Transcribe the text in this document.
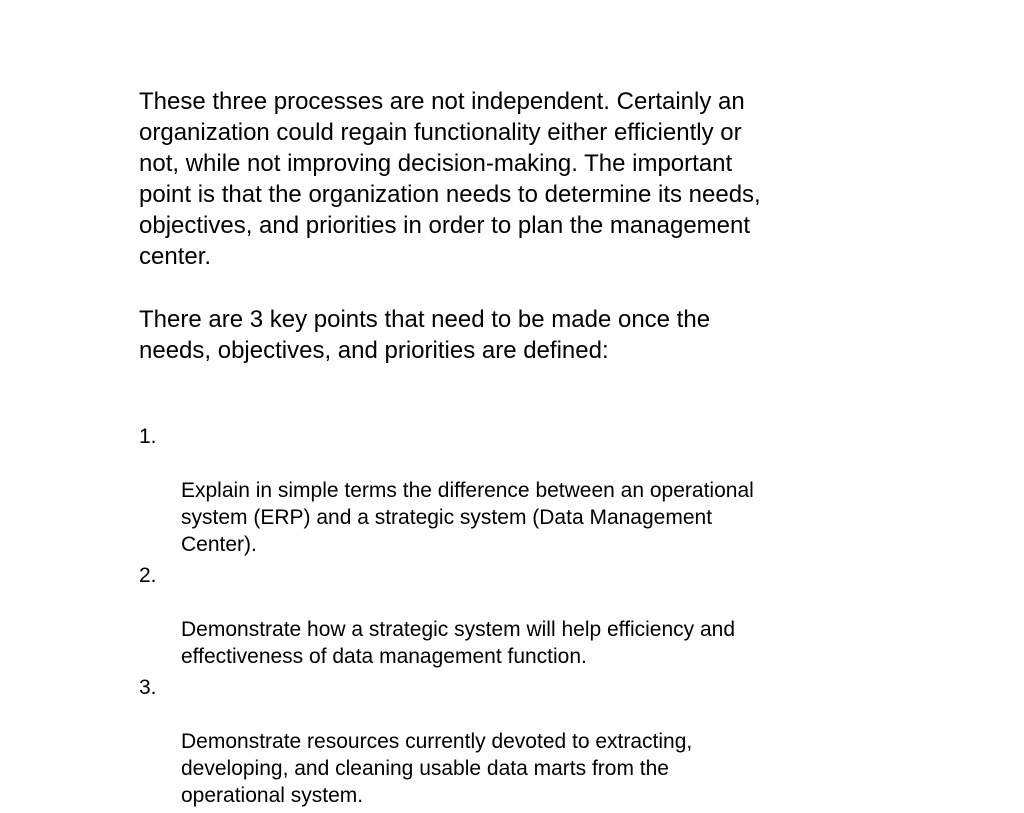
These three processes are not independent. Certainly an
organization could regain functionality either efficiently or
not, while not improving decision-making. The important
point is that the organization needs to determine its needs,
objectives, and priorities in order to plan the management
center.

There are 3 key points that need to be made once the
needs, objectives, and priorities are defined:

1.

Explain in simple terms the difference between an operational
system (ERP) and a strategic system (Data Management
Center).

2.

Demonstrate how a strategic system will help efficiency and
effectiveness of data management function.

3.

Demonstrate resources currently devoted to extracting,
developing, and cleaning usable data marts from the
operational system.
